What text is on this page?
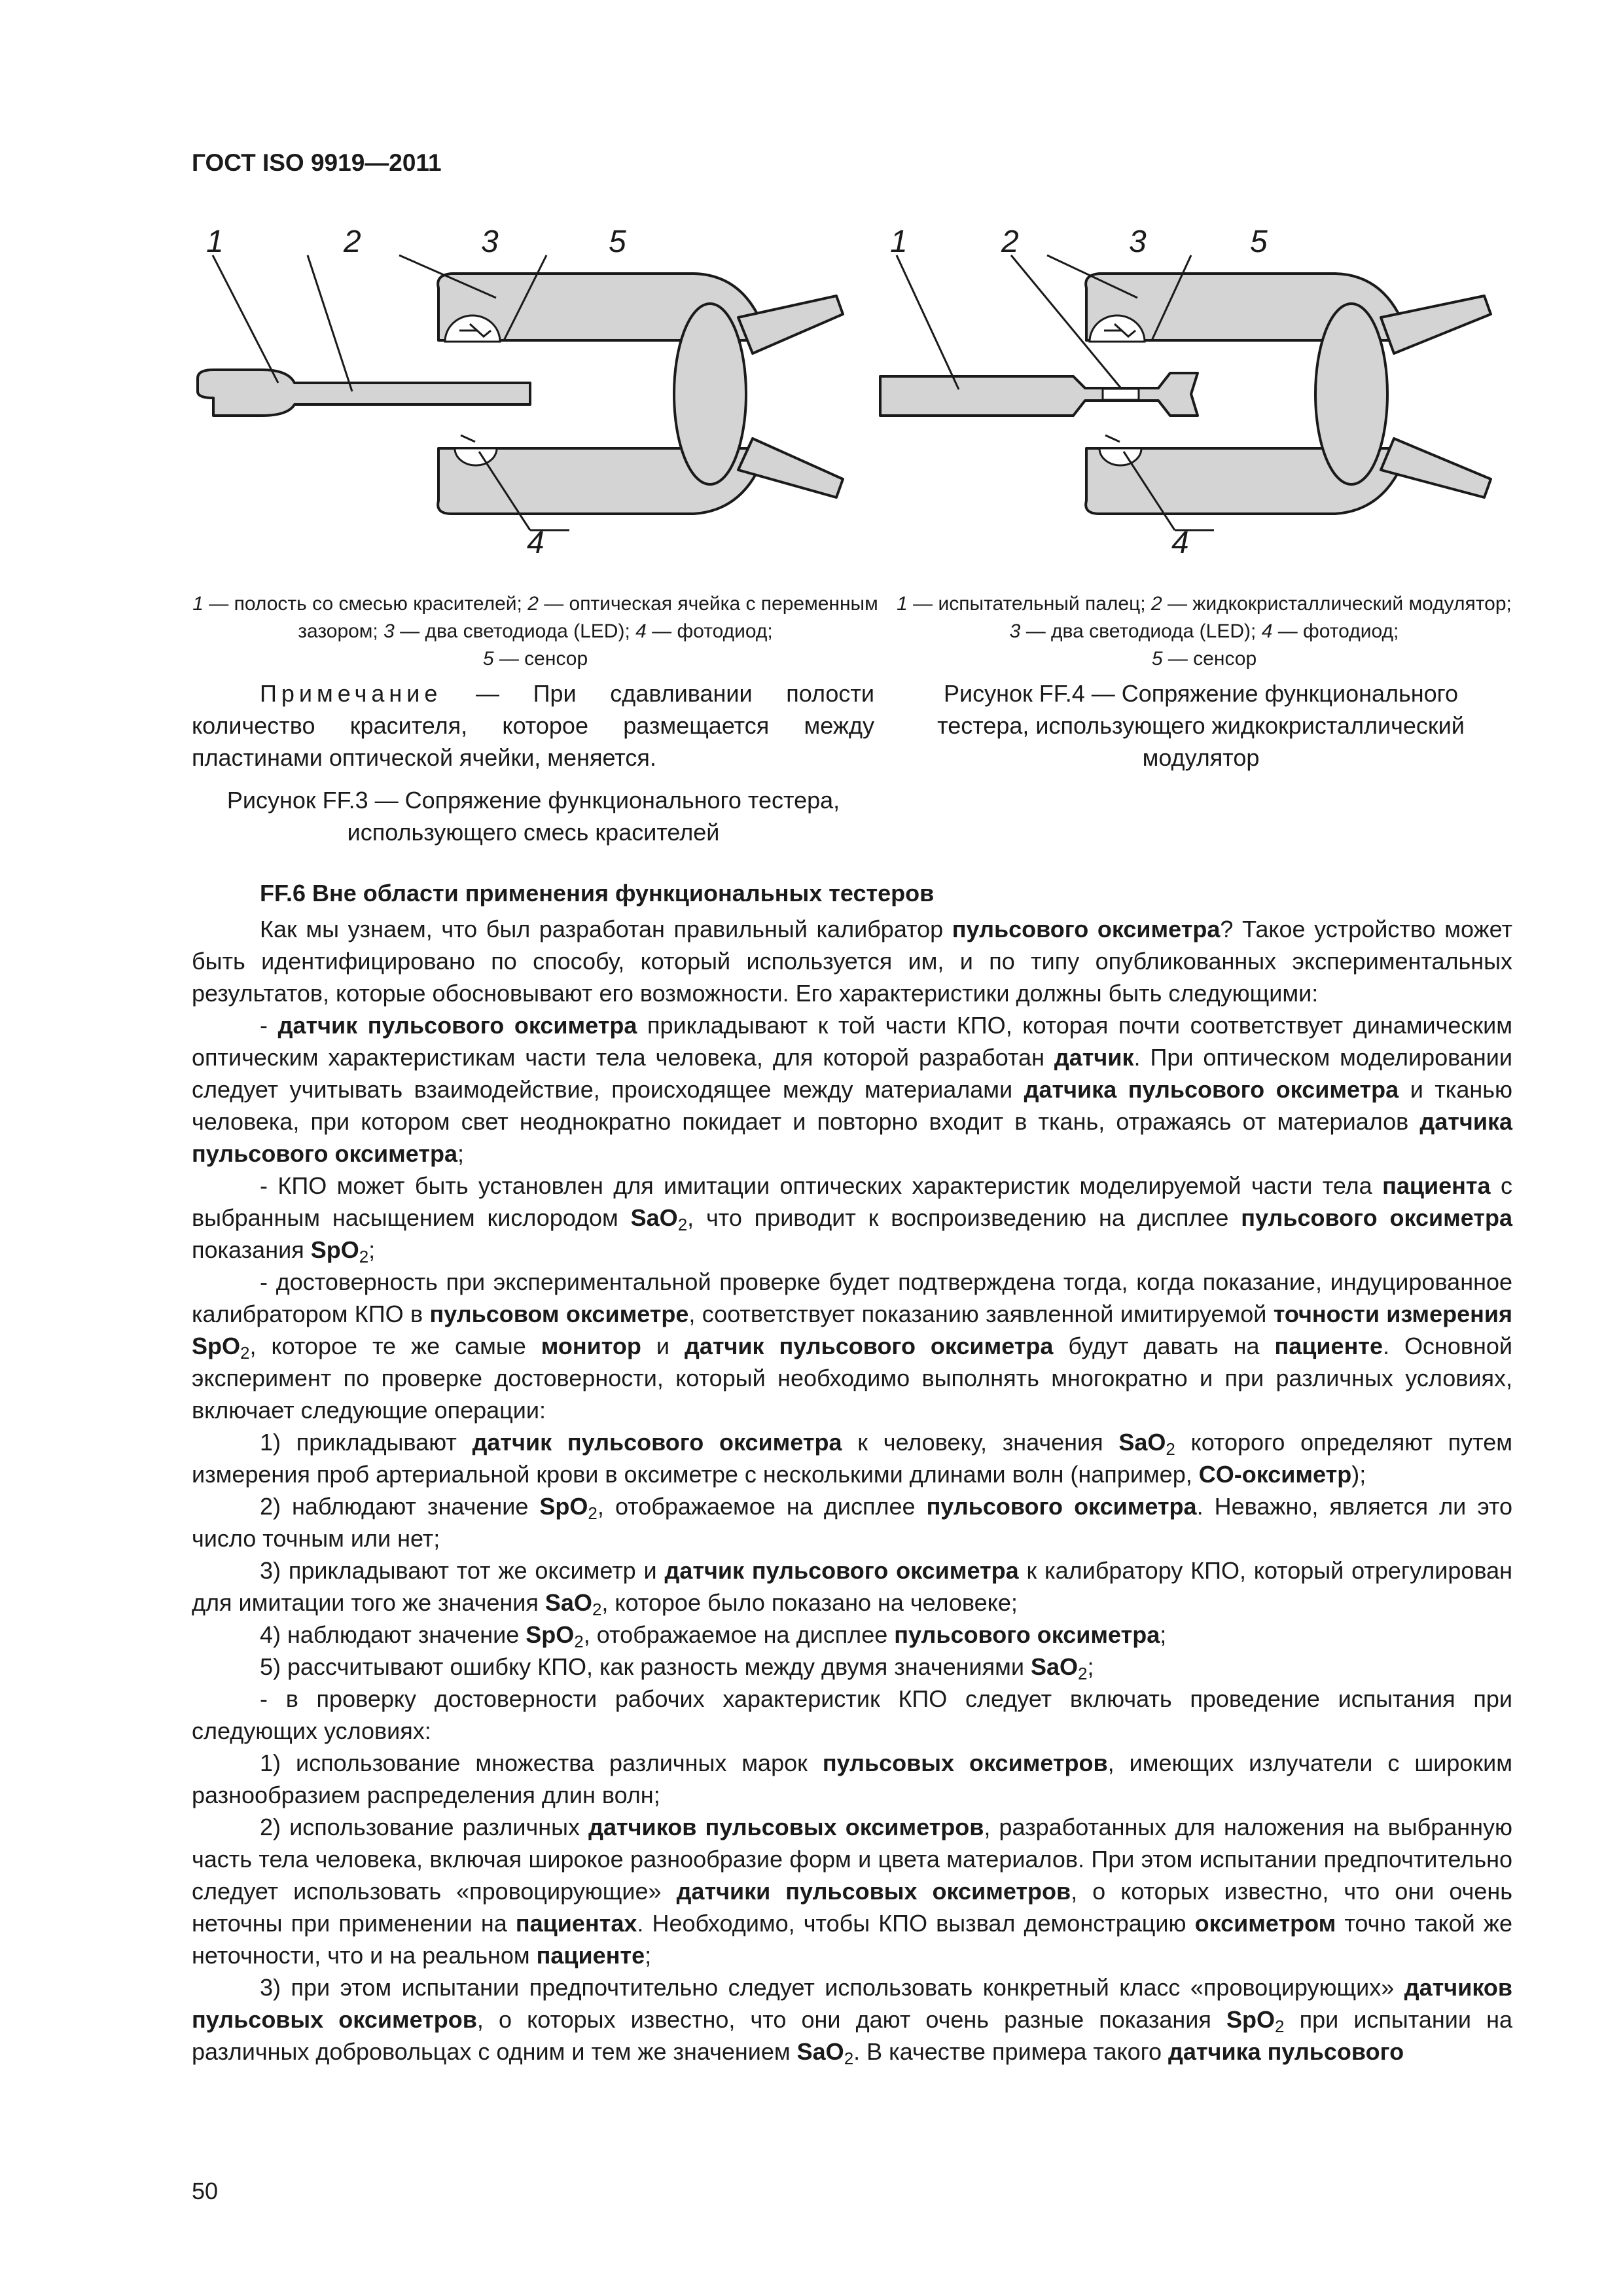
ГОСТ ISO 9919—2011
1	2	3	5
4
1 — полость со смесью красителей; 2 — оптическая ячейка с переменным зазором; 3 — два светодиода (LED); 4 — фотодиод;
5 — сенсор
Примечание — При сдавливании полости количество красителя, которое размещается между пластинами оптической ячейки, меняется.
Рисунок FF.3 — Сопряжение функционального тестера, использующего смесь красителей
1	2	3	5
4
1 — испытательный палец; 2 — жидкокристаллический модулятор; 3 — два светодиода (LED); 4 — фотодиод;
5 — сенсор
Рисунок FF.4 — Сопряжение функционального тестера, использующего жидкокристаллический модулятор
FF.6 Вне области применения функциональных тестеров

Как мы узнаем, что был разработан правильный калибратор пульсового оксиметра? Такое устройство может быть идентифицировано по способу, который используется им, и по типу опубликованных экспериментальных результатов, которые обосновывают его возможности. Его характеристики должны быть следующими:

- датчик пульсового оксиметра прикладывают к той части КПО, которая почти соответствует динамическим оптическим характеристикам части тела человека, для которой разработан датчик. При оптическом моделировании следует учитывать взаимодействие, происходящее между материалами датчика пульсового оксиметра и тканью человека, при котором свет неоднократно покидает и повторно входит в ткань, отражаясь от материалов датчика пульсового оксиметра;

- КПО может быть установлен для имитации оптических характеристик моделируемой части тела пациента с выбранным насыщением кислородом SaO$_2$, что приводит к воспроизведению на дисплее пульсового оксиметра показания SpO$_2$;

- достоверность при экспериментальной проверке будет подтверждена тогда, когда показание, индуцированное калибратором КПО в пульсовом оксиметре, соответствует показанию заявленной имитируемой точности измерения SpO$_2$, которое те же самые монитор и датчик пульсового оксиметра будут давать на пациенте. Основной эксперимент по проверке достоверности, который необходимо выполнять многократно и при различных условиях, включает следующие операции:

1) прикладывают датчик пульсового оксиметра к человеку, значения SaO$_2$ которого определяют путем измерения проб артериальной крови в оксиметре с несколькими длинами волн (например, CO-оксиметр);

2) наблюдают значение SpO$_2$, отображаемое на дисплее пульсового оксиметра. Неважно, является ли это число точным или нет;

3) прикладывают тот же оксиметр и датчик пульсового оксиметра к калибратору КПО, который отрегулирован для имитации того же значения SaO$_2$, которое было показано на человеке;

4) наблюдают значение SpO$_2$, отображаемое на дисплее пульсового оксиметра;

5) рассчитывают ошибку КПО, как разность между двумя значениями SaO$_2$;

- в проверку достоверности рабочих характеристик КПО следует включать проведение испытания при следующих условиях:

1) использование множества различных марок пульсовых оксиметров, имеющих излучатели с широким разнообразием распределения длин волн;

2) использование различных датчиков пульсовых оксиметров, разработанных для наложения на выбранную часть тела человека, включая широкое разнообразие форм и цвета материалов. При этом испытании предпочтительно следует использовать «провоцирующие» датчики пульсовых оксиметров, о которых известно, что они очень неточны при применении на пациентах. Необходимо, чтобы КПО вызвал демонстрацию оксиметром точно такой же неточности, что и на реальном пациенте;

3) при этом испытании предпочтительно следует использовать конкретный класс «провоцирующих» датчиков пульсовых оксиметров, о которых известно, что они дают очень разные показания SpO$_2$ при испытании на различных добровольцах с одним и тем же значением SaO$_2$. В качестве примера такого датчика пульсового

50
